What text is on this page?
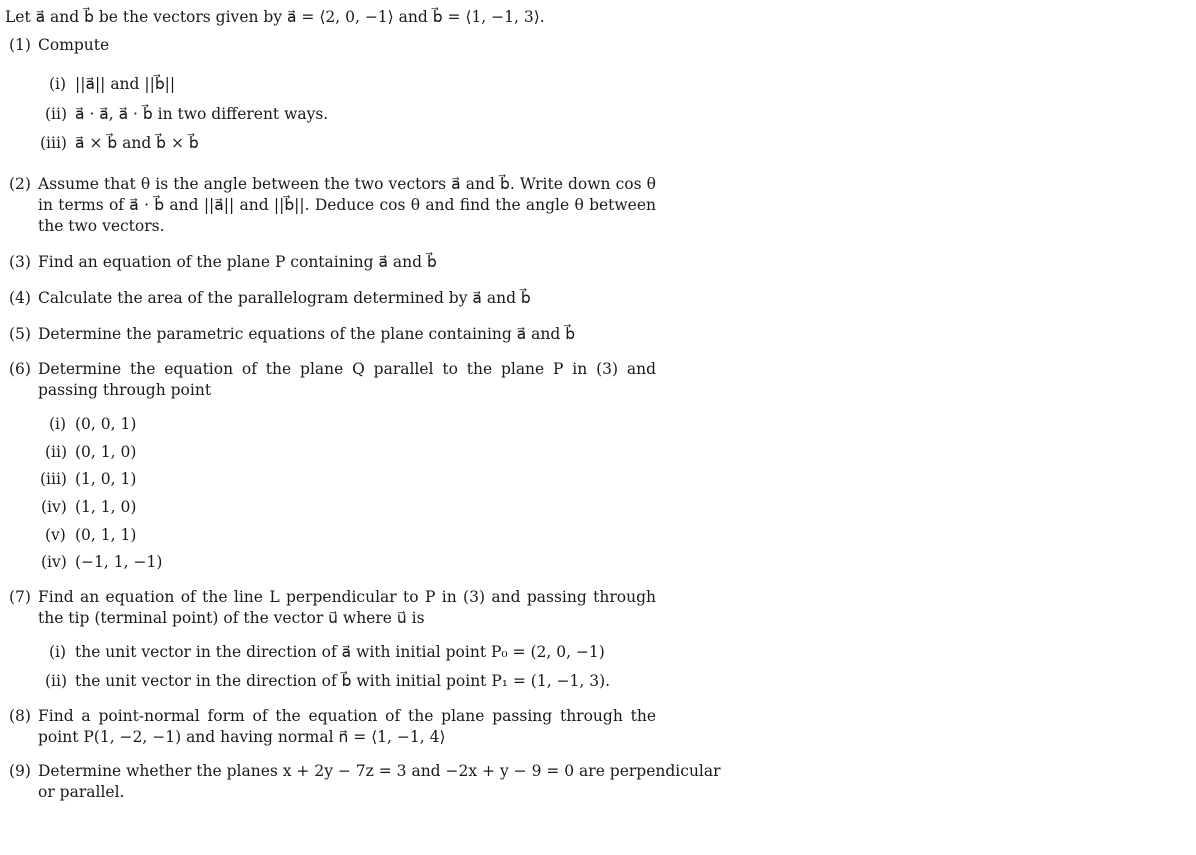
Let a⃗ and b⃗ be the vectors given by a⃗ = ⟨2, 0, −1⟩ and b⃗ = ⟨1, −1, 3⟩.
(1) Compute
(i) ||a⃗|| and ||b⃗||
(ii) a⃗ · a⃗, a⃗ · b⃗ in two different ways.
(iii) a⃗ × b⃗ and b⃗ × b⃗
(2) Assume that θ is the angle between the two vectors a⃗ and b⃗. Write down cos θ in terms of a⃗ · b⃗ and ||a⃗|| and ||b⃗||. Deduce cos θ and find the angle θ between the two vectors.
(3) Find an equation of the plane P containing a⃗ and b⃗
(4) Calculate the area of the parallelogram determined by a⃗ and b⃗
(5) Determine the parametric equations of the plane containing a⃗ and b⃗
(6) Determine the equation of the plane Q parallel to the plane P in (3) and passing through point
(i) (0, 0, 1)
(ii) (0, 1, 0)
(iii) (1, 0, 1)
(iv) (1, 1, 0)
(v) (0, 1, 1)
(iv) (−1, 1, −1)
(7) Find an equation of the line L perpendicular to P in (3) and passing through the tip (terminal point) of the vector u⃗ where u⃗ is
(i) the unit vector in the direction of a⃗ with initial point P₀ = (2, 0, −1)
(ii) the unit vector in the direction of b⃗ with initial point P₁ = (1, −1, 3).
(8) Find a point-normal form of the equation of the plane passing through the point P(1, −2, −1) and having normal n⃗ = ⟨1, −1, 4⟩
(9) Determine whether the planes x + 2y − 7z = 3 and −2x + y − 9 = 0 are perpendicular
or parallel.
